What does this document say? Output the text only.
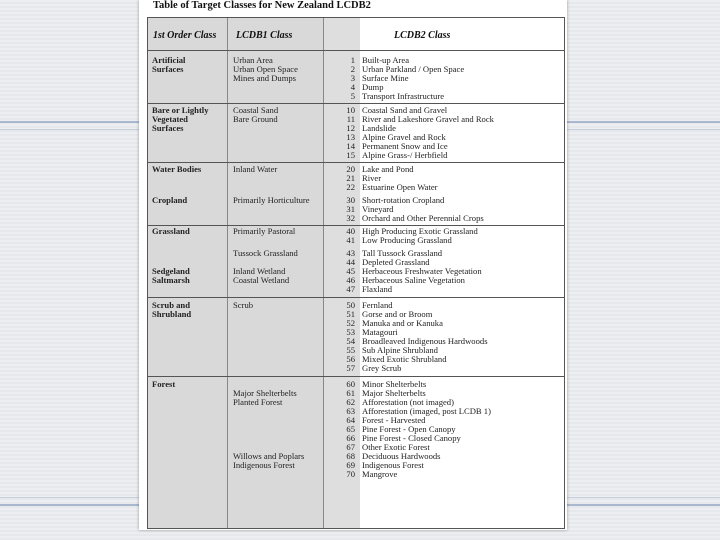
Table of Target Classes for New Zealand LCDB2
1st Order Class LCDB1 Class	LCDB2 Class
1 Built-up Area
2 Urban Parkland / Open Space
3 Surface Mine
4 Dump
5 Transport Infrastructure
10 Coastal Sand and Gravel
11 River and Lakeshore Gravel and Rock
12 Landslide
13 Alpine Gravel and Rock
14 Permanent Snow and Ice
15 Alpine Grass-/ Herbfield
20 Lake and Pond
21 River
22 Estuarine Open Water
30 Short-rotation Cropland
31 Vineyard
32 Orchard and Other Perennial Crops
40 High Producing Exotic Grassland
41 Low Producing Grassland
43 Tall Tussock Grassland
44 Depleted Grassland
45 Herbaceous Freshwater Vegetation
46 Herbaceous Saline Vegetation
47 Flaxland
50 Fernland
51 Gorse and or Broom
52 Manuka and or Kanuka
53 Matagouri
54 Broadleaved Indigenous Hardwoods
55 Sub Alpine Shrubland
56 Mixed Exotic Shrubland
57 Grey Scrub
60 Minor Shelterbelts
61 Major Shelterbelts
62 Afforestation (not imaged)
63 Afforestation (imaged, post LCDB 1)
64 Forest - Harvested
65 Pine Forest - Open Canopy
66 Pine Forest - Closed Canopy
67 Other Exotic Forest
68 Deciduous Hardwoods
69 Indigenous Forest
70 Mangrove
Artificial
Surfaces
Bare or Lightly
Vegetated
Surfaces
Water Bodies
Cropland
Grassland
Sedgeland
Saltmarsh
Scrub and
Shrubland
Forest
Urban Area
Urban Open Space
Mines and Dumps
Coastal Sand
Bare Ground
Inland Water
Primarily Horticulture
Primarily Pastoral
Tussock Grassland
Inland Wetland
Coastal Wetland
Scrub
Major Shelterbelts
Planted Forest
Willows and Poplars
Indigenous Forest
